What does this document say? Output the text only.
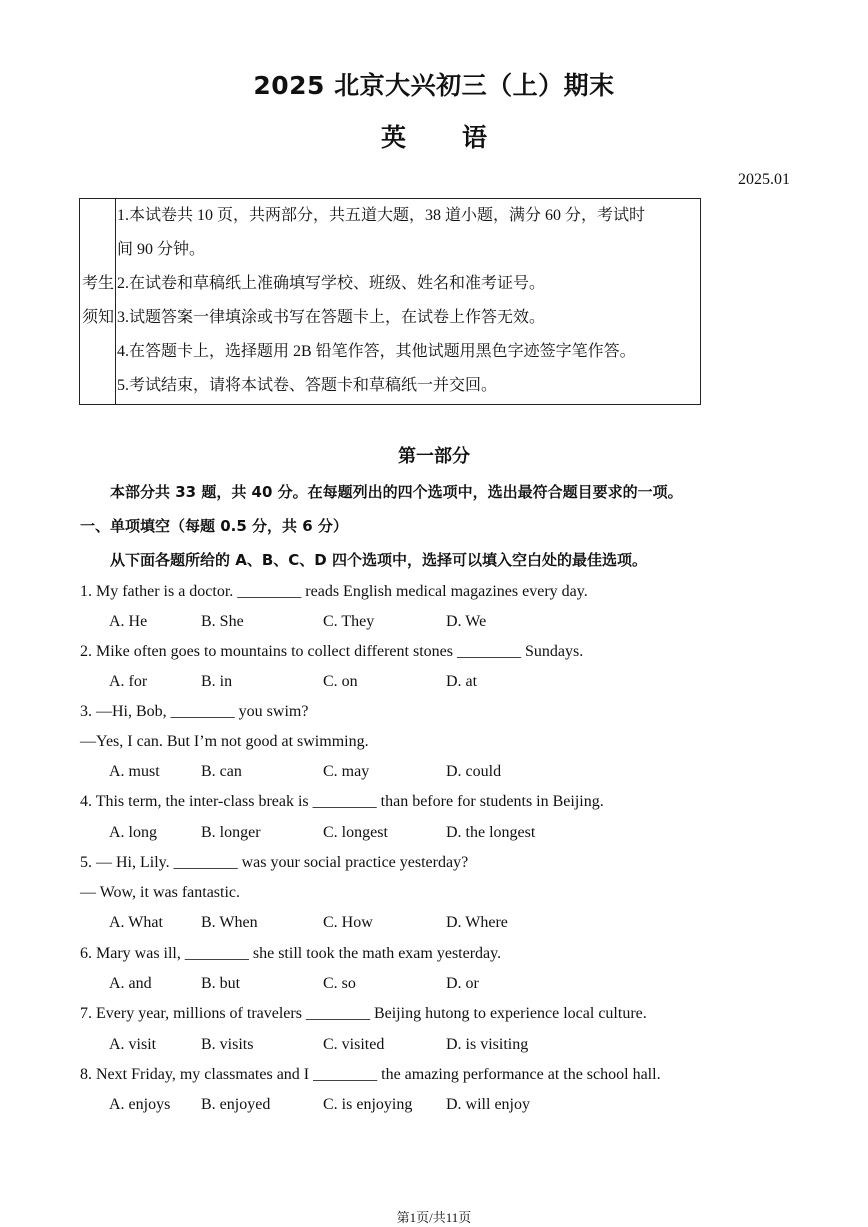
2025 北京大兴初三（上）期末
英 语
2025.01
考生
须知
1.本试卷共 10 页，共两部分，共五道大题，38 道小题，满分 60 分，考试时
间 90 分钟。
2.在试卷和草稿纸上准确填写学校、班级、姓名和准考证号。
3.试题答案一律填涂或书写在答题卡上，在试卷上作答无效。
4.在答题卡上，选择题用 2B 铅笔作答，其他试题用黑色字迹签字笔作答。
5.考试结束，请将本试卷、答题卡和草稿纸一并交回。
第一部分
本部分共 33 题，共 40 分。在每题列出的四个选项中，选出最符合题目要求的一项。
一、单项填空（每题 0.5 分，共 6 分）
从下面各题所给的 A、B、C、D 四个选项中，选择可以填入空白处的最佳选项。
1. My father is a doctor. ________ reads English medical magazines every day.
A. He	B. She	C. They	D. We
2. Mike often goes to mountains to collect different stones ________ Sundays.
A. for	B. in	C. on	D. at
3. —Hi, Bob, ________ you swim?
—Yes, I can. But I’m not good at swimming.
A. must	B. can	C. may	D. could
4. This term, the inter-class break is ________ than before for students in Beijing.
A. long	B. longer	C. longest	D. the longest
5. — Hi, Lily. ________ was your social practice yesterday?
— Wow, it was fantastic.
A. What B. When	C. How	D. Where
6. Mary was ill, ________ she still took the math exam yesterday.
A. and	B. but	C. so	D. or
7. Every year, millions of travelers ________ Beijing hutong to experience local culture.
A. visit	B. visits	C. visited	D. is visiting
8. Next Friday, my classmates and I ________ the amazing performance at the school hall.
A. enjoys B. enjoyed	C. is enjoying D. will enjoy
第1页/共11页
